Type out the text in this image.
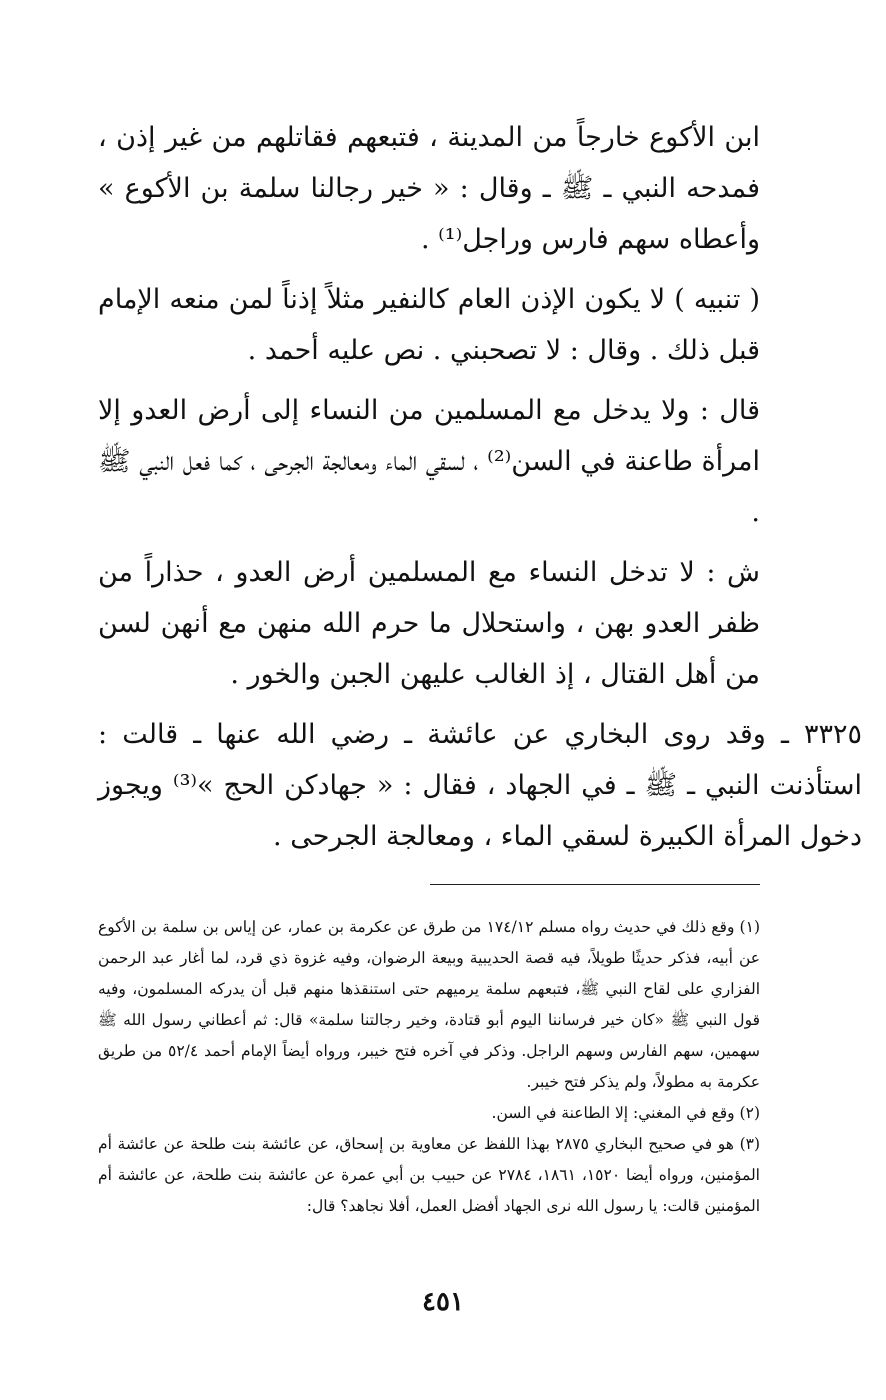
ابن الأكوع خارجاً من المدينة ، فتبعهم فقاتلهم من غير إذن ، فمدحه النبي ـ ﷺ ـ وقال : « خير رجالنا سلمة بن الأكوع » وأعطاه سهم فارس وراجل⁽¹⁾ .

( تنبيه ) لا يكون الإذن العام كالنفير مثلاً إذناً لمن منعه الإمام قبل ذلك . وقال : لا تصحبني . نص عليه أحمد .

قال : ولا يدخل مع المسلمين من النساء إلى أرض العدو إلا امرأة طاعنة في السن⁽²⁾ ، لسقي الماء ومعالجة الجرحى ، كما فعل النبي ﷺ .

ش : لا تدخل النساء مع المسلمين أرض العدو ، حذاراً من ظفر العدو بهن ، واستحلال ما حرم الله منهن مع أنهن لسن من أهل القتال ، إذ الغالب عليهن الجبن والخور .

٣٣٢٥ ـ وقد روى البخاري عن عائشة ـ رضي الله عنها ـ قالت : استأذنت النبي ـ ﷺ ـ في الجهاد ، فقال : « جهادكن الحج »⁽³⁾ ويجوز دخول المرأة الكبيرة لسقي الماء ، ومعالجة الجرحى .

(١) وقع ذلك في حديث رواه مسلم ١٧٤/١٢ من طرق عن عكرمة بن عمار، عن إياس بن سلمة بن الأكوع عن أبيه، فذكر حديثًا طويلاً، فيه قصة الحديبية وبيعة الرضوان، وفيه غزوة ذي قرد، لما أغار عبد الرحمن الفزاري على لقاح النبي ﷺ، فتبعهم سلمة يرميهم حتى استنقذها منهم قبل أن يدركه المسلمون، وفيه قول النبي ﷺ «كان خير فرساننا اليوم أبو قتادة، وخير رجالتنا سلمة» قال: ثم أعطاني رسول الله ﷺ سهمين، سهم الفارس وسهم الراجل. وذكر في آخره فتح خيبر، ورواه أيضاً الإمام أحمد ٥٢/٤ من طريق عكرمة به مطولاً، ولم يذكر فتح خيبر.

(٢) وقع في المغني: إلا الطاعنة في السن.

(٣) هو في صحيح البخاري ٢٨٧٥ بهذا اللفظ عن معاوية بن إسحاق، عن عائشة بنت طلحة عن عائشة أم المؤمنين، ورواه أيضا ١٥٢٠، ١٨٦١، ٢٧٨٤ عن حبيب بن أبي عمرة عن عائشة بنت طلحة، عن عائشة أم المؤمنين قالت: يا رسول الله نرى الجهاد أفضل العمل، أفلا نجاهد؟ قال:

٤٥١
